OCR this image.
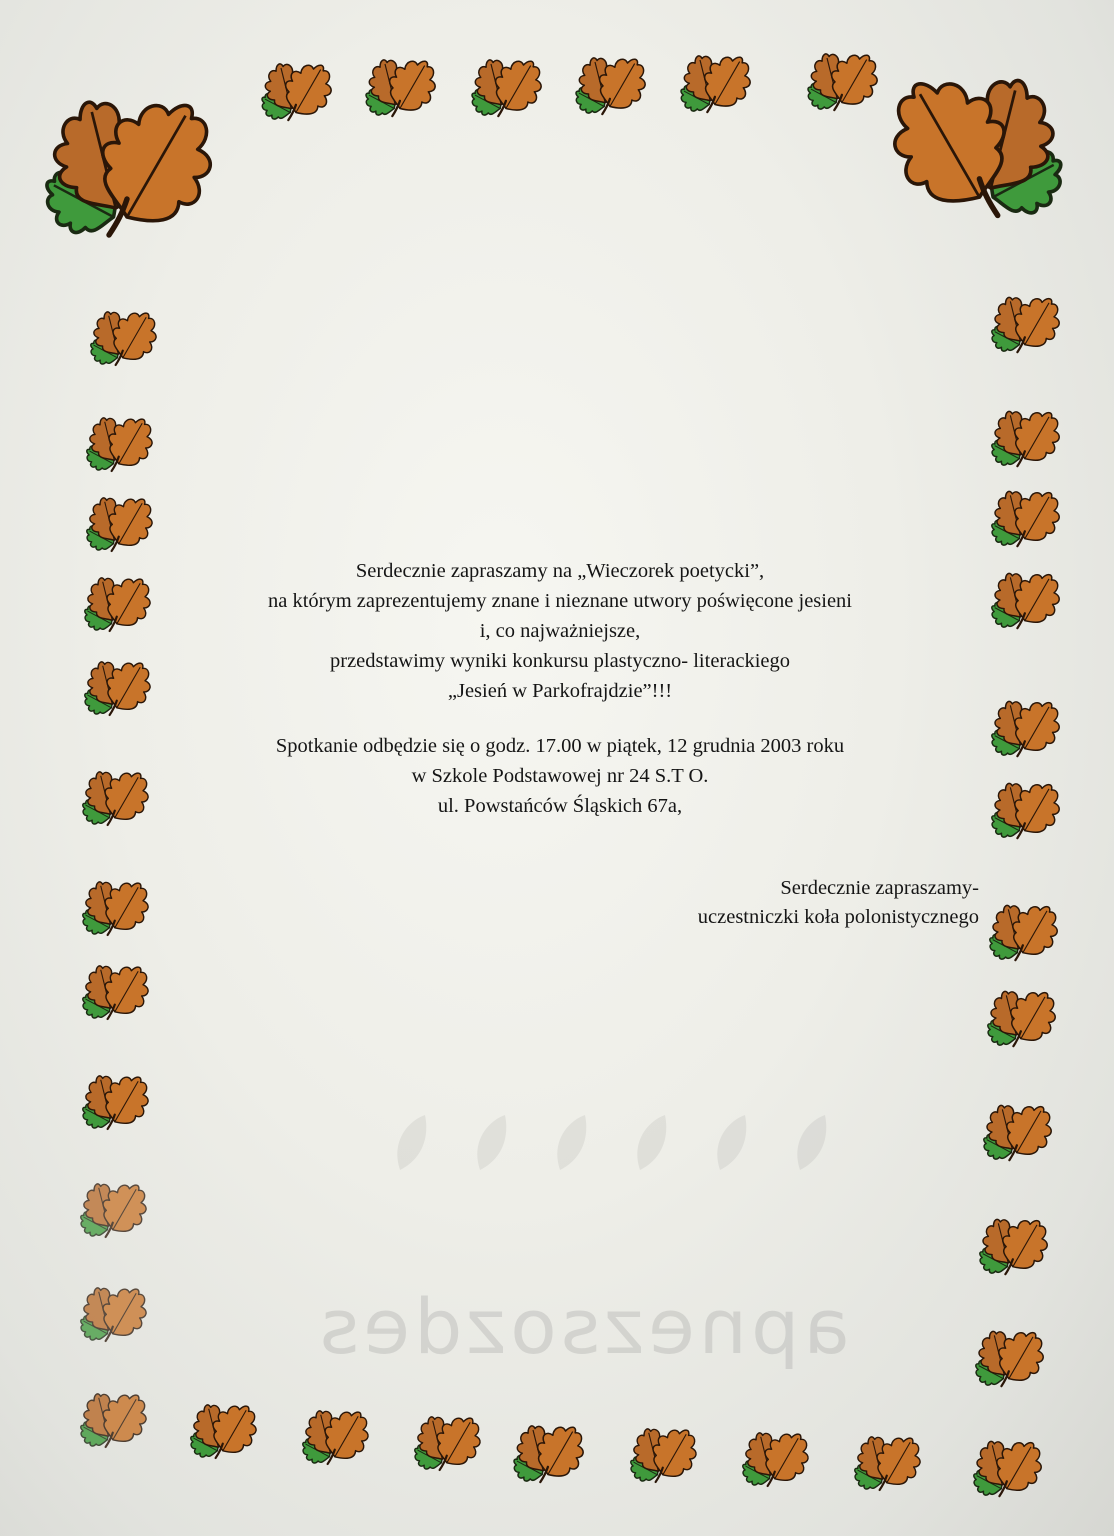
apnezsozdes

Serdecznie zapraszamy na „Wieczorek poetycki”,

na którym zaprezentujemy znane i nieznane utwory poświęcone jesieni

i, co najważniejsze,

przedstawimy wyniki konkursu plastyczno- literackiego

„Jesień w Parkofrajdzie”!!!

Spotkanie odbędzie się o godz. 17.00 w piątek, 12 grudnia 2003 roku

w Szkole Podstawowej nr 24 S.T O.

ul. Powstańców Śląskich 67a,

Serdecznie zapraszamy-

uczestniczki koła polonistycznego
